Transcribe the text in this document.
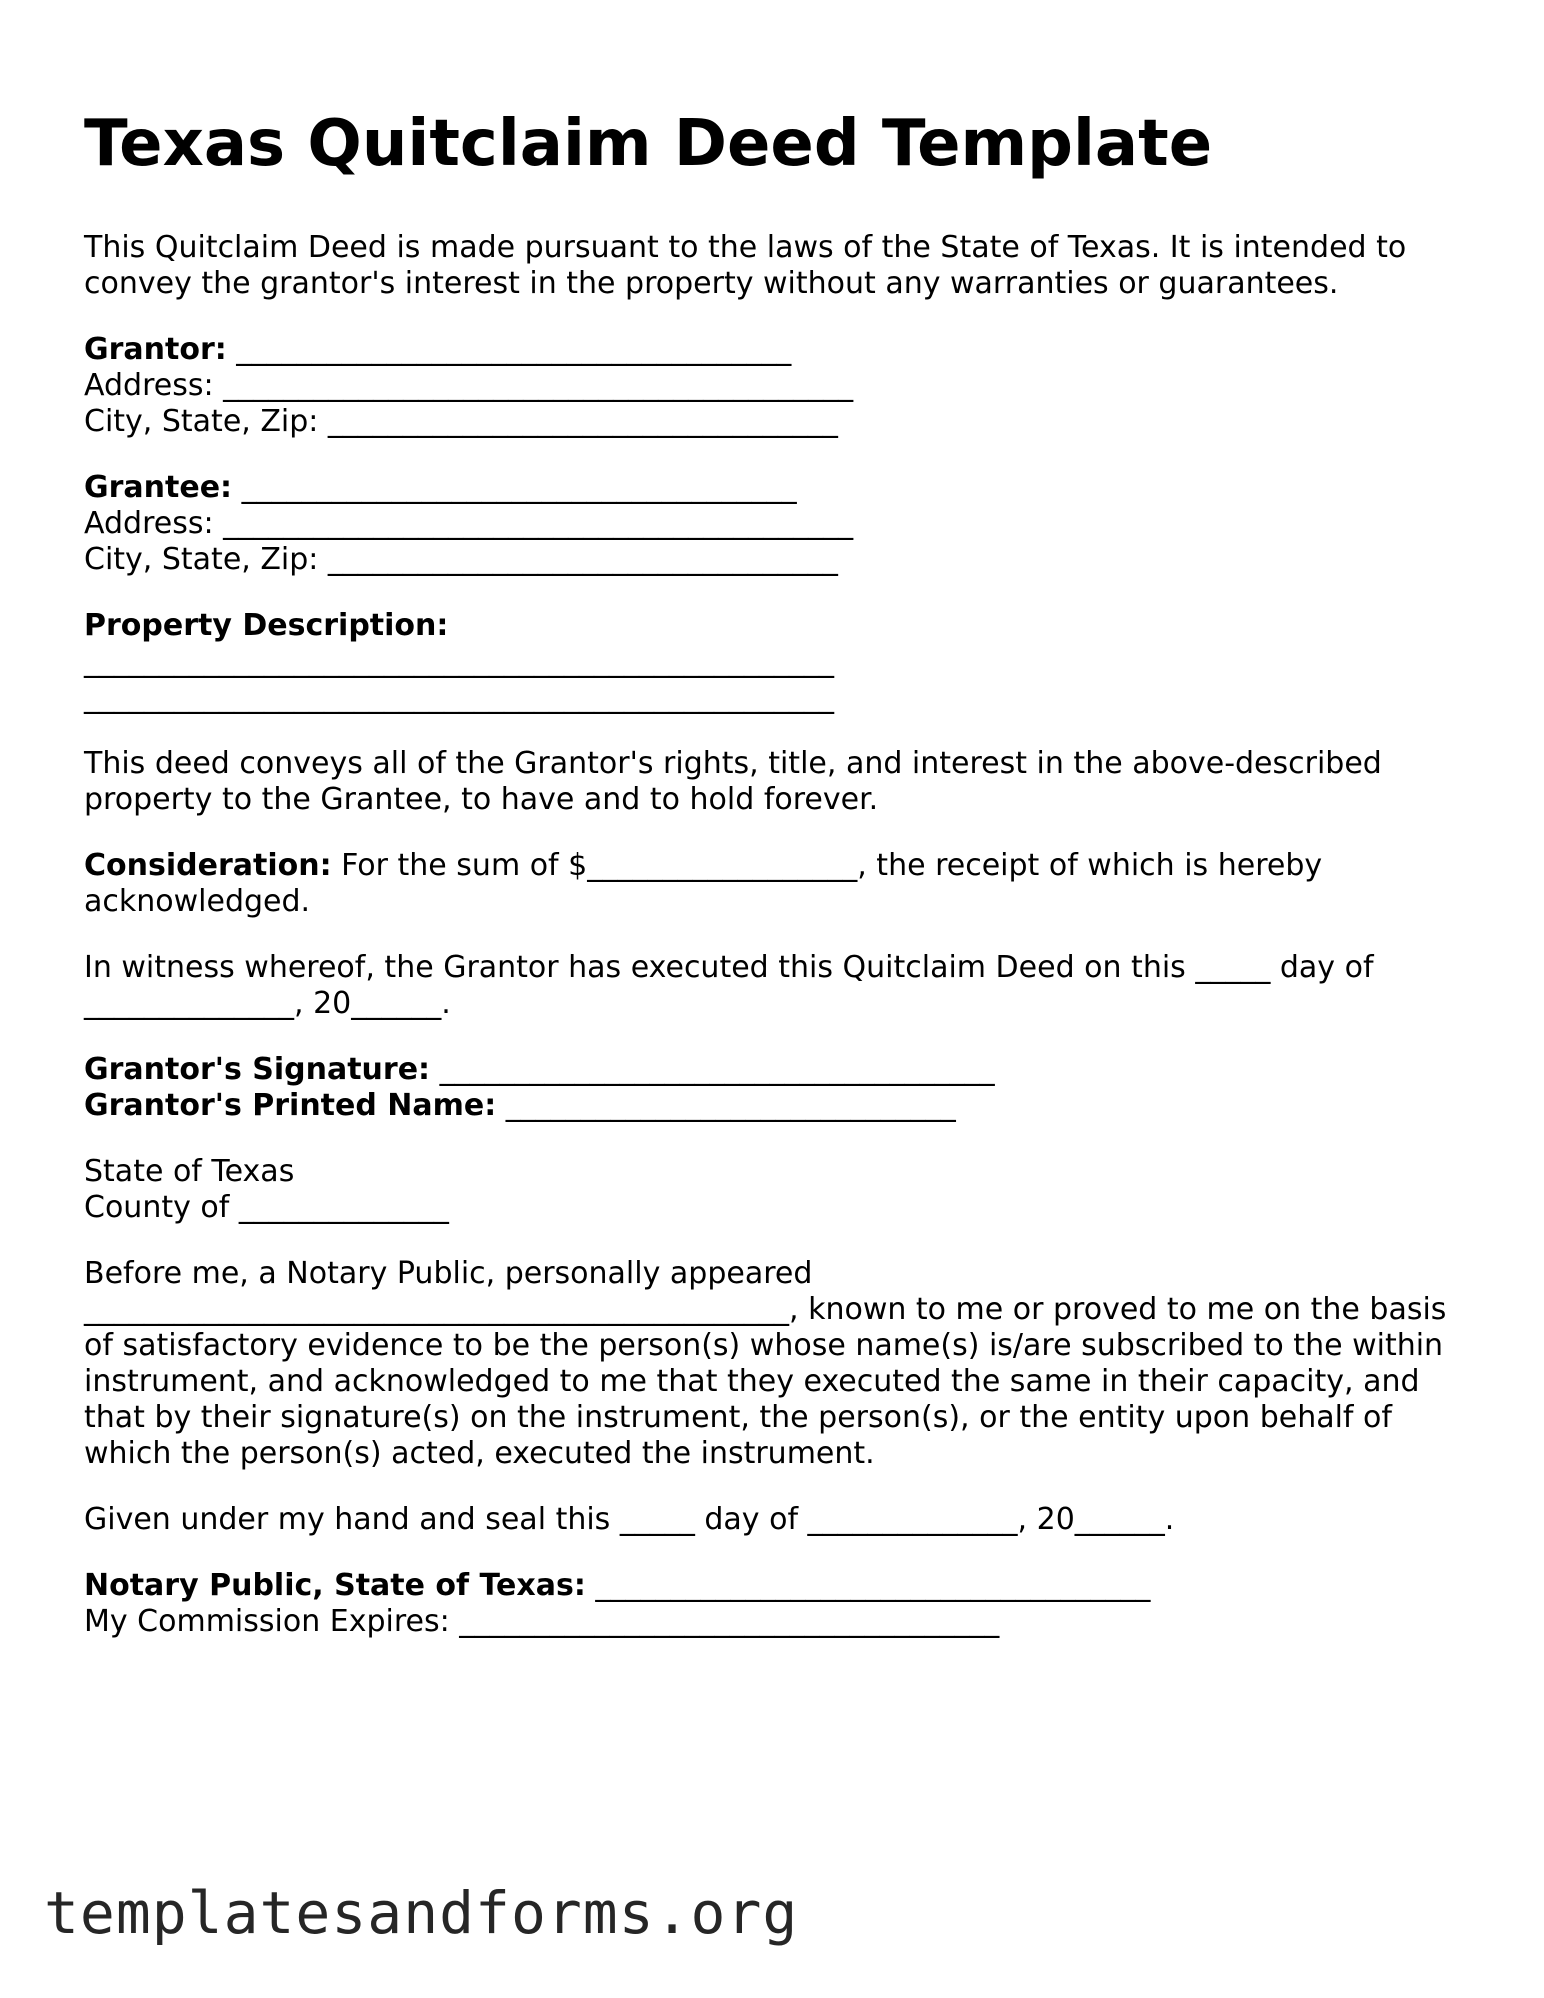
Texas Quitclaim Deed Template

This Quitclaim Deed is made pursuant to the laws of the State of Texas. It is intended to convey the grantor's interest in the property without any warranties or guarantees.

Grantor: _____________________________________
Address: __________________________________________
City, State, Zip: __________________________________

Grantee: _____________________________________
Address: __________________________________________
City, State, Zip: __________________________________

Property Description:
__________________________________________________
__________________________________________________

This deed conveys all of the Grantor's rights, title, and interest in the above-described property to the Grantee, to have and to hold forever.

Consideration: For the sum of $__________________, the receipt of which is hereby acknowledged.

In witness whereof, the Grantor has executed this Quitclaim Deed on this _____ day of ______________, 20______.

Grantor's Signature: _____________________________________
Grantor's Printed Name: ______________________________

State of Texas
County of ______________

Before me, a Notary Public, personally appeared
_______________________________________________, known to me or proved to me on the basis of satisfactory evidence to be the person(s) whose name(s) is/are subscribed to the within instrument, and acknowledged to me that they executed the same in their capacity, and that by their signature(s) on the instrument, the person(s), or the entity upon behalf of which the person(s) acted, executed the instrument.

Given under my hand and seal this _____ day of ______________, 20______.

Notary Public, State of Texas: _____________________________________
My Commission Expires: ____________________________________

templatesandforms.org
